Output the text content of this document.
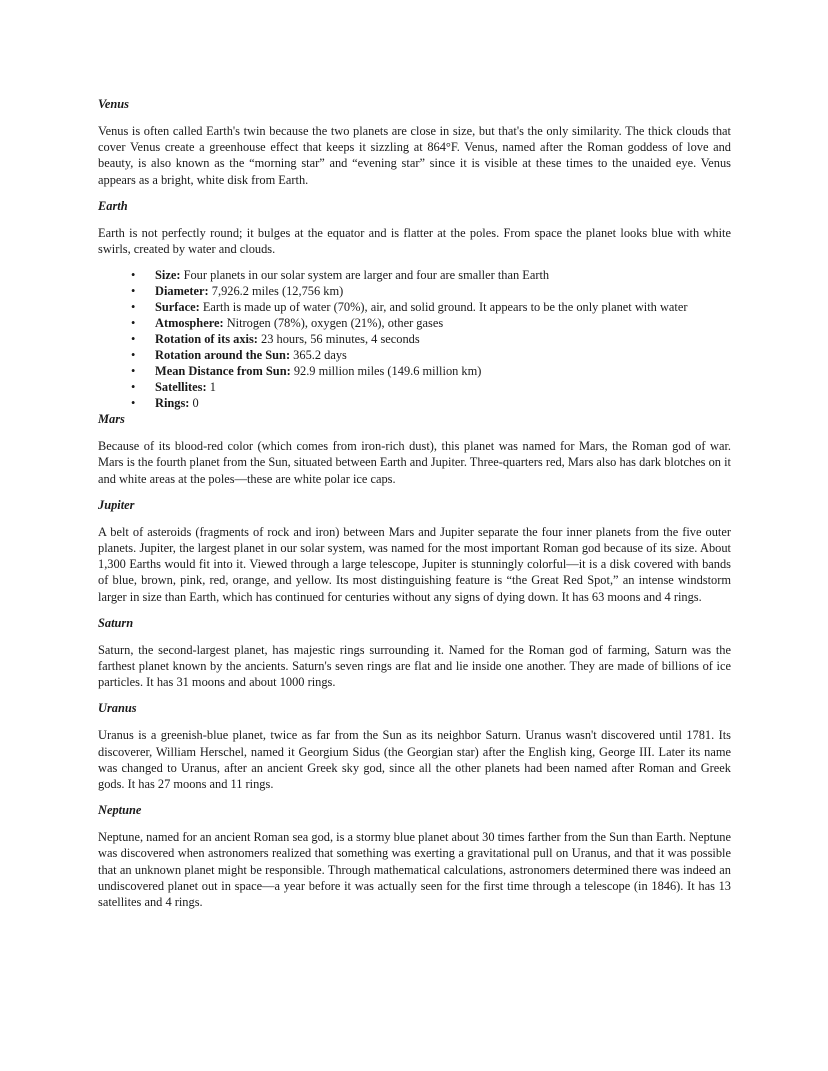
Venus

Venus is often called Earth's twin because the two planets are close in size, but that's the only similarity. The thick clouds that cover Venus create a greenhouse effect that keeps it sizzling at 864°F. Venus, named after the Roman goddess of love and beauty, is also known as the “morning star” and “evening star” since it is visible at these times to the unaided eye. Venus appears as a bright, white disk from Earth.

Earth

Earth is not perfectly round; it bulges at the equator and is flatter at the poles. From space the planet looks blue with white swirls, created by water and clouds.

• Size: Four planets in our solar system are larger and four are smaller than Earth
• Diameter: 7,926.2 miles (12,756 km)
• Surface: Earth is made up of water (70%), air, and solid ground. It appears to be the only planet with water
• Atmosphere: Nitrogen (78%), oxygen (21%), other gases
• Rotation of its axis: 23 hours, 56 minutes, 4 seconds
• Rotation around the Sun: 365.2 days
• Mean Distance from Sun: 92.9 million miles (149.6 million km)
• Satellites: 1
• Rings: 0

Mars

Because of its blood-red color (which comes from iron-rich dust), this planet was named for Mars, the Roman god of war. Mars is the fourth planet from the Sun, situated between Earth and Jupiter. Three-quarters red, Mars also has dark blotches on it and white areas at the poles—these are white polar ice caps.

Jupiter

A belt of asteroids (fragments of rock and iron) between Mars and Jupiter separate the four inner planets from the five outer planets. Jupiter, the largest planet in our solar system, was named for the most important Roman god because of its size. About 1,300 Earths would fit into it. Viewed through a large telescope, Jupiter is stunningly colorful—it is a disk covered with bands of blue, brown, pink, red, orange, and yellow. Its most distinguishing feature is “the Great Red Spot,” an intense windstorm larger in size than Earth, which has continued for centuries without any signs of dying down. It has 63 moons and 4 rings.

Saturn

Saturn, the second-largest planet, has majestic rings surrounding it. Named for the Roman god of farming, Saturn was the farthest planet known by the ancients. Saturn's seven rings are flat and lie inside one another. They are made of billions of ice particles. It has 31 moons and about 1000 rings.

Uranus

Uranus is a greenish-blue planet, twice as far from the Sun as its neighbor Saturn. Uranus wasn't discovered until 1781. Its discoverer, William Herschel, named it Georgium Sidus (the Georgian star) after the English king, George III. Later its name was changed to Uranus, after an ancient Greek sky god, since all the other planets had been named after Roman and Greek gods. It has 27 moons and 11 rings.

Neptune

Neptune, named for an ancient Roman sea god, is a stormy blue planet about 30 times farther from the Sun than Earth. Neptune was discovered when astronomers realized that something was exerting a gravitational pull on Uranus, and that it was possible that an unknown planet might be responsible. Through mathematical calculations, astronomers determined there was indeed an undiscovered planet out in space—a year before it was actually seen for the first time through a telescope (in 1846). It has 13 satellites and 4 rings.
